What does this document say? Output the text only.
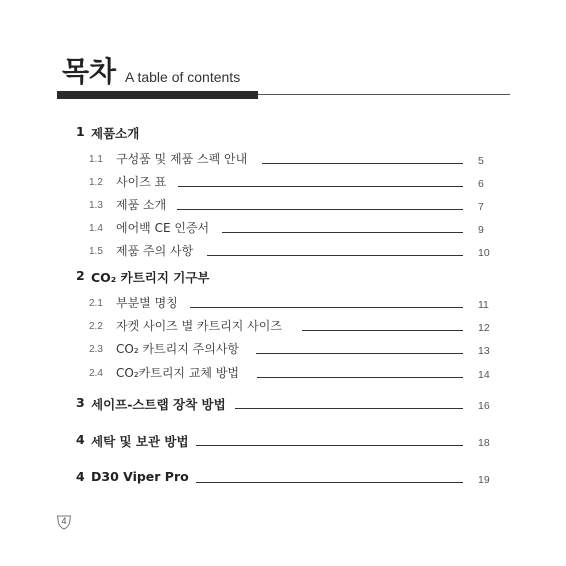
목차 A table of contents
1 제품소개
1.1 구성품 및 제품 스펙 안내	5
1.2 사이즈 표	6
1.3 제품 소개	7
1.4 에어백 CE 인증서	9
1.5 제품 주의 사항	10
2 CO₂ 카트리지 기구부
2.1 부분별 명칭	11
2.2 자켓 사이즈 별 카트리지 사이즈	12
2.3 CO₂ 카트리지 주의사항	13
2.4 CO₂카트리지 교체 방법	14
3 세이프-스트랩 장착 방법	16
4 세탁 및 보관 방법	18
4 D30 Viper Pro	19
4
